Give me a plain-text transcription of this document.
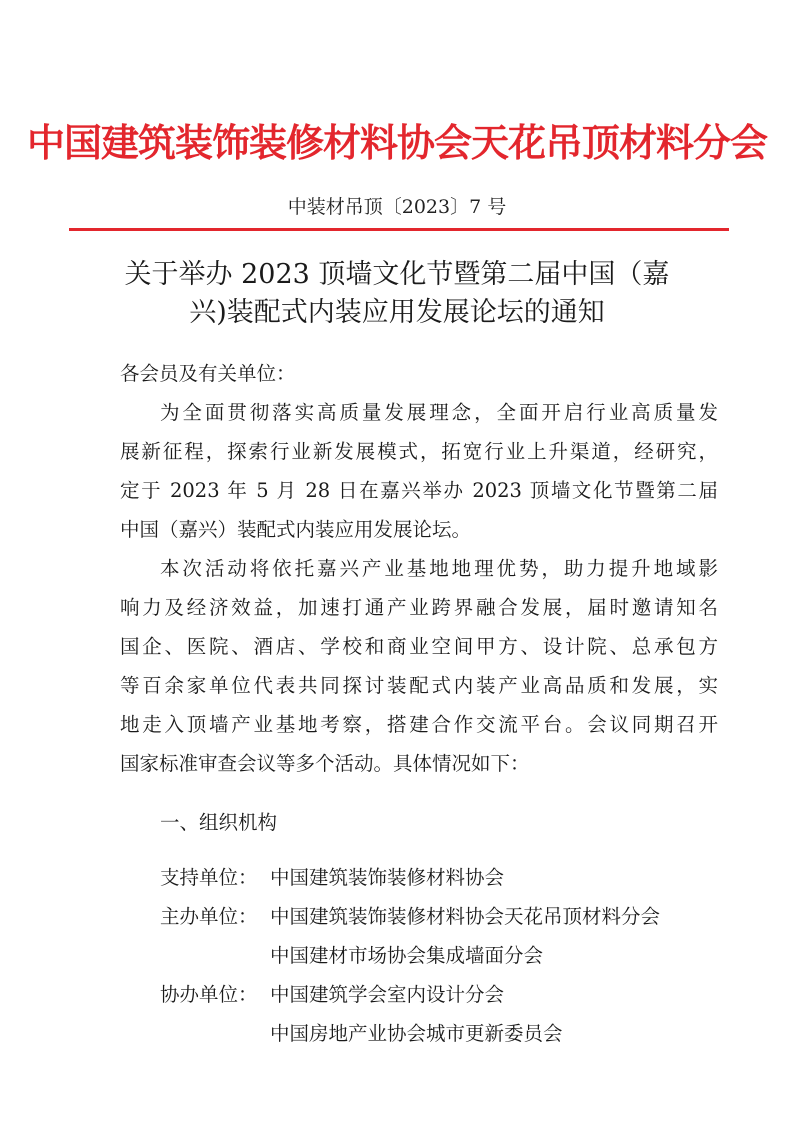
中国建筑装饰装修材料协会天花吊顶材料分会
中装材吊顶〔2023〕7 号
关于举办 2023 顶墙文化节暨第二届中国（嘉
兴)装配式内装应用发展论坛的通知
各会员及有关单位：
为全面贯彻落实高质量发展理念，全面开启行业高质量发
展新征程，探索行业新发展模式，拓宽行业上升渠道，经研究，
定于 2023 年 5 月 28 日在嘉兴举办 2023 顶墙文化节暨第二届
中国（嘉兴）装配式内装应用发展论坛。
本次活动将依托嘉兴产业基地地理优势，助力提升地域影
响力及经济效益，加速打通产业跨界融合发展，届时邀请知名
国企、医院、酒店、学校和商业空间甲方、设计院、总承包方
等百余家单位代表共同探讨装配式内装产业高品质和发展，实
地走入顶墙产业基地考察，搭建合作交流平台。会议同期召开
国家标准审查会议等多个活动。具体情况如下：
一、组织机构
支持单位： 中国建筑装饰装修材料协会
主办单位： 中国建筑装饰装修材料协会天花吊顶材料分会
中国建材市场协会集成墙面分会
协办单位： 中国建筑学会室内设计分会
中国房地产业协会城市更新委员会
